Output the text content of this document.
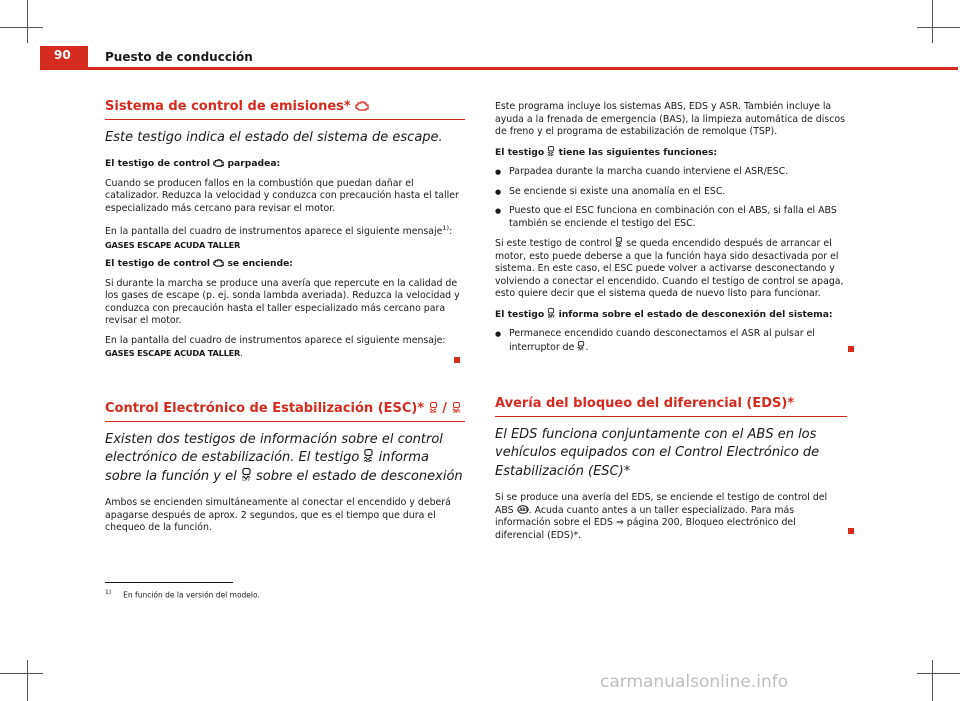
90	Puesto de conducción
Sistema de control de emisiones*
Este testigo indica el estado del sistema de escape.

El testigo de control parpadea:

Cuando se producen fallos en la combustión que puedan dañar el catalizador. Reduzca la velocidad y conduzca con precaución hasta el taller especializado más cercano para revisar el motor.

En la pantalla del cuadro de instrumentos aparece el siguiente mensaje$^{1)}$:

GASES ESCAPE ACUDA TALLER

El testigo de control se enciende:

Si durante la marcha se produce una avería que repercute en la calidad de los gases de escape (p. ej. sonda lambda averiada). Reduzca la velocidad y conduzca con precaución hasta el taller especializado más cercano para revisar el motor.

En la pantalla del cuadro de instrumentos aparece el siguiente mensaje:

GASES ESCAPE ACUDA TALLER.

Control Electrónico de Estabilización (ESC)*  / OFF
Existen dos testigos de información sobre el control electrónico de estabilización. El testigo informa sobre la función y el OFF sobre el estado de desconexión

Ambos se encienden simultáneamente al conectar el encendido y deberá apagarse después de aprox. 2 segundos, que es el tiempo que dura el chequeo de la función.

Este programa incluye los sistemas ABS, EDS y ASR. También incluye la ayuda a la frenada de emergencia (BAS), la limpieza automática de discos de freno y el programa de estabilización de remolque (TSP).

El testigo tiene las siguientes funciones:

● Parpadea durante la marcha cuando interviene el ASR/ESC.

● Se enciende si existe una anomalía en el ESC.

● Puesto que el ESC funciona en combinación con el ABS, si falla el ABS también se enciende el testigo del ESC.

Si este testigo de control se queda encendido después de arrancar el motor, esto puede deberse a que la función haya sido desactivada por el sistema. En este caso, el ESC puede volver a activarse desconectando y volviendo a conectar el encendido. Cuando el testigo de control se apaga, esto quiere decir que el sistema queda de nuevo listo para funcionar.

El testigo OFF informa sobre el estado de desconexión del sistema:

● Permanece encendido cuando desconectamos el ASR al pulsar el interruptor de OFF .

Avería del bloqueo del diferencial (EDS)*
El EDS funciona conjuntamente con el ABS en los vehículos equipados con el Control Electrónico de Estabilización (ESC)*

Si se produce una avería del EDS, se enciende el testigo de control del ABS ABS . Acuda cuanto antes a un taller especializado. Para más información sobre el EDS ⇒ página 200, Bloqueo electrónico del diferencial (EDS)*.

$^{1)}$ En función de la versión del modelo.
carmanualsonline.info
